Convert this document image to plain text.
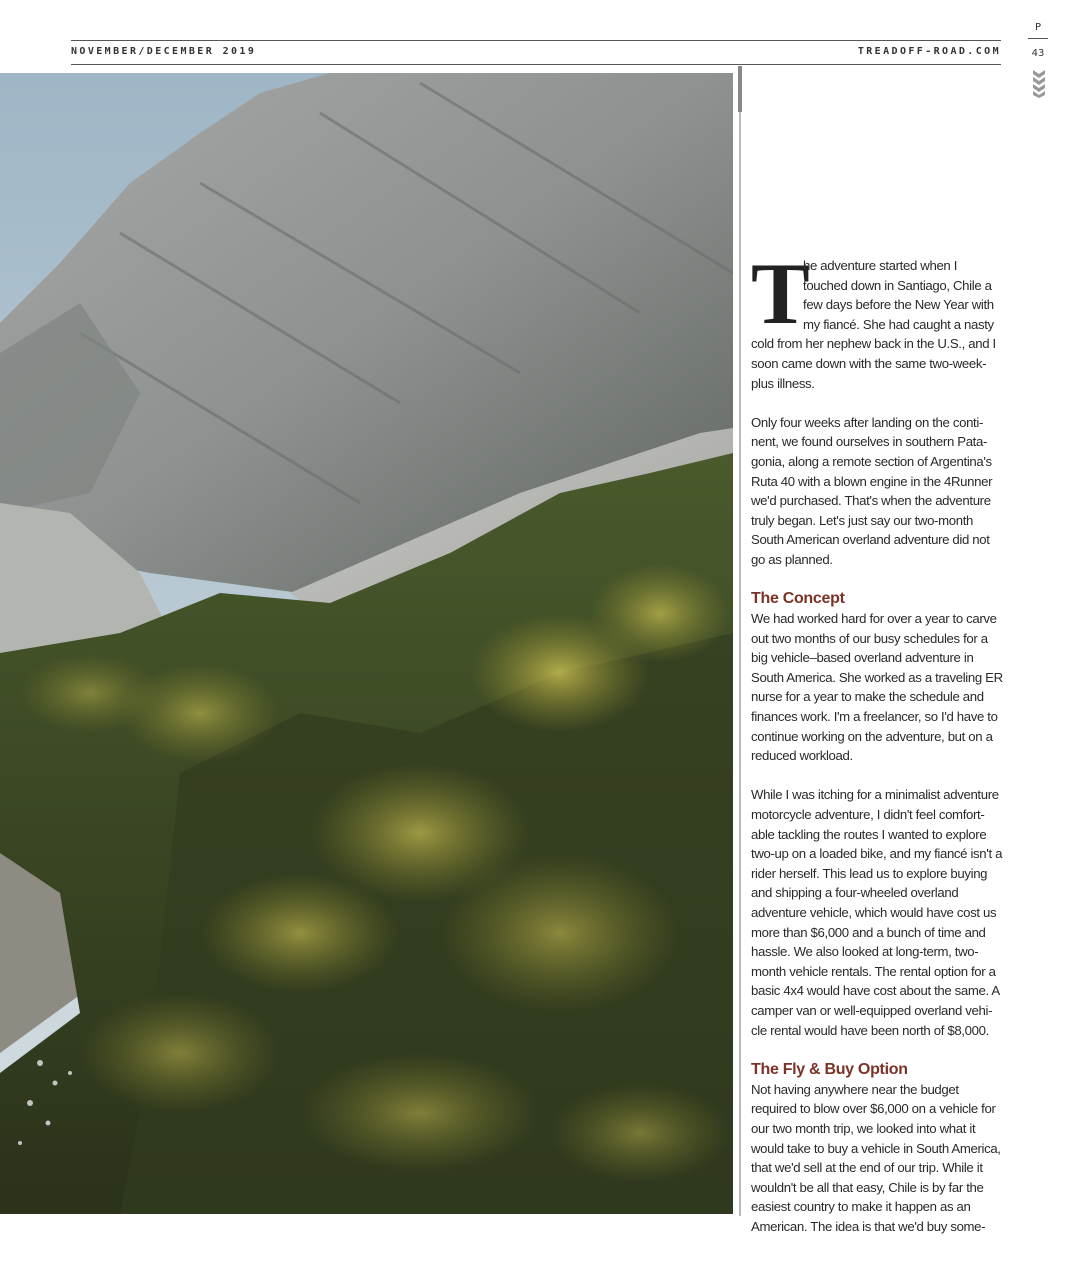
NOVEMBER/DECEMBER 2019	TREADOFF-ROAD.COM
P
43

T
he adventure started when I touched down in Santiago, Chile a few days before the New Year with my fiancé. She had caught a nasty cold from her nephew back in the U.S., and I soon came down with the same two-week-plus illness.

Only four weeks after landing on the conti-nent, we found ourselves in southern Pata-gonia, along a remote section of Argentina's Ruta 40 with a blown engine in the 4Runner we'd purchased. That's when the adventure truly began. Let's just say our two-month South American overland adventure did not go as planned.

The Concept

We had worked hard for over a year to carve out two months of our busy schedules for a big vehicle–based overland adventure in South America. She worked as a traveling ER nurse for a year to make the schedule and finances work. I'm a freelancer, so I'd have to continue working on the adventure, but on a reduced workload.

While I was itching for a minimalist adventure motorcycle adventure, I didn't feel comfort-able tackling the routes I wanted to explore two-up on a loaded bike, and my fiancé isn't a rider herself. This lead us to explore buying and shipping a four-wheeled overland adventure vehicle, which would have cost us more than $6,000 and a bunch of time and hassle. We also looked at long-term, two-month vehicle rentals. The rental option for a basic 4x4 would have cost about the same. A camper van or well-equipped overland vehi-cle rental would have been north of $8,000.

The Fly & Buy Option

Not having anywhere near the budget required to blow over $6,000 on a vehicle for our two month trip, we looked into what it would take to buy a vehicle in South America, that we'd sell at the end of our trip. While it wouldn't be all that easy, Chile is by far the easiest country to make it happen as an American. The idea is that we'd buy some-
